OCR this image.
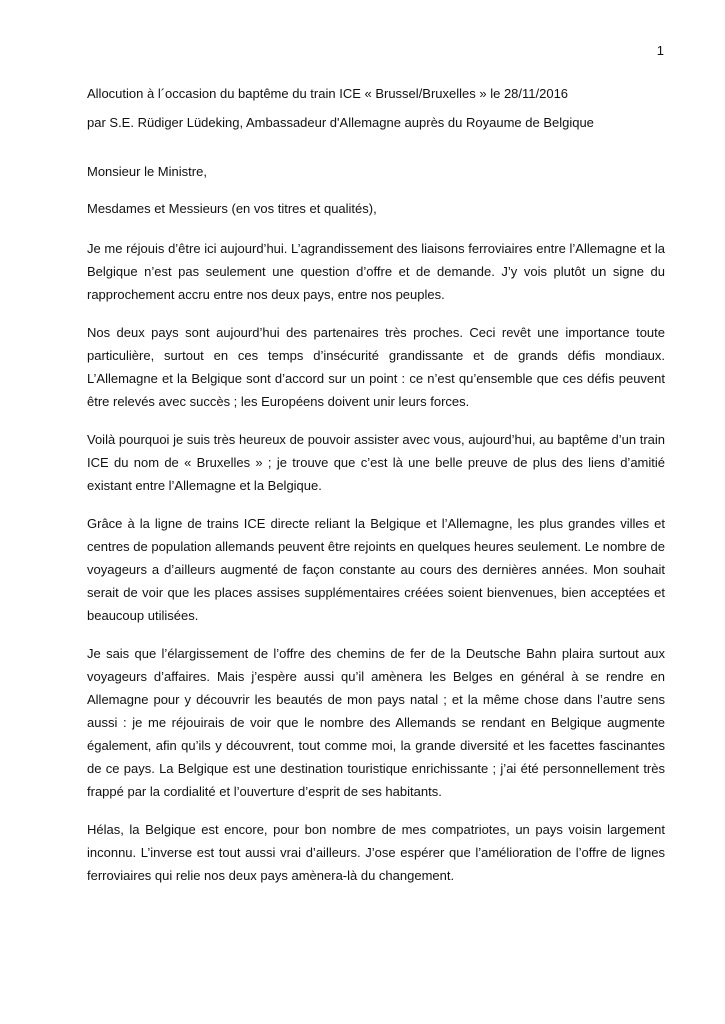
1

Allocution à l´occasion du baptême du train ICE « Brussel/Bruxelles » le 28/11/2016

par S.E. Rüdiger Lüdeking, Ambassadeur d'Allemagne auprès du Royaume de Belgique

Monsieur le Ministre,

Mesdames et Messieurs (en vos titres et qualités),

Je me réjouis d’être ici aujourd’hui. L’agrandissement des liaisons ferroviaires entre l’Allemagne et la Belgique n’est pas seulement une question d’offre et de demande. J’y vois plutôt un signe du rapprochement accru entre nos deux pays, entre nos peuples.

Nos deux pays sont aujourd’hui des partenaires très proches. Ceci revêt une importance toute particulière, surtout en ces temps d’insécurité grandissante et de grands défis mondiaux. L’Allemagne et la Belgique sont d’accord sur un point : ce n’est qu’ensemble que ces défis peuvent être relevés avec succès ; les Européens doivent unir leurs forces.

Voilà pourquoi je suis très heureux de pouvoir assister avec vous, aujourd’hui, au baptême d’un train ICE du nom de « Bruxelles » ; je trouve que c’est là une belle preuve de plus des liens d’amitié existant entre l’Allemagne et la Belgique.

Grâce à la ligne de trains ICE directe reliant la Belgique et l’Allemagne, les plus grandes villes et centres de population allemands peuvent être rejoints en quelques heures seulement. Le nombre de voyageurs a d’ailleurs augmenté de façon constante au cours des dernières années. Mon souhait serait de voir que les places assises supplémentaires créées soient bienvenues, bien acceptées et beaucoup utilisées.

Je sais que l’élargissement de l’offre des chemins de fer de la Deutsche Bahn plaira surtout aux voyageurs d’affaires. Mais j’espère aussi qu’il amènera les Belges en général à se rendre en Allemagne pour y découvrir les beautés de mon pays natal ; et la même chose dans l’autre sens aussi : je me réjouirais de voir que le nombre des Allemands se rendant en Belgique augmente également, afin qu’ils y découvrent, tout comme moi, la grande diversité et les facettes fascinantes de ce pays. La Belgique est une destination touristique enrichissante ; j’ai été personnellement très frappé par la cordialité et l’ouverture d’esprit de ses habitants.

Hélas, la Belgique est encore, pour bon nombre de mes compatriotes, un pays voisin largement inconnu. L’inverse est tout aussi vrai d’ailleurs. J’ose espérer que l’amélioration de l’offre de lignes ferroviaires qui relie nos deux pays amènera-là du changement.
